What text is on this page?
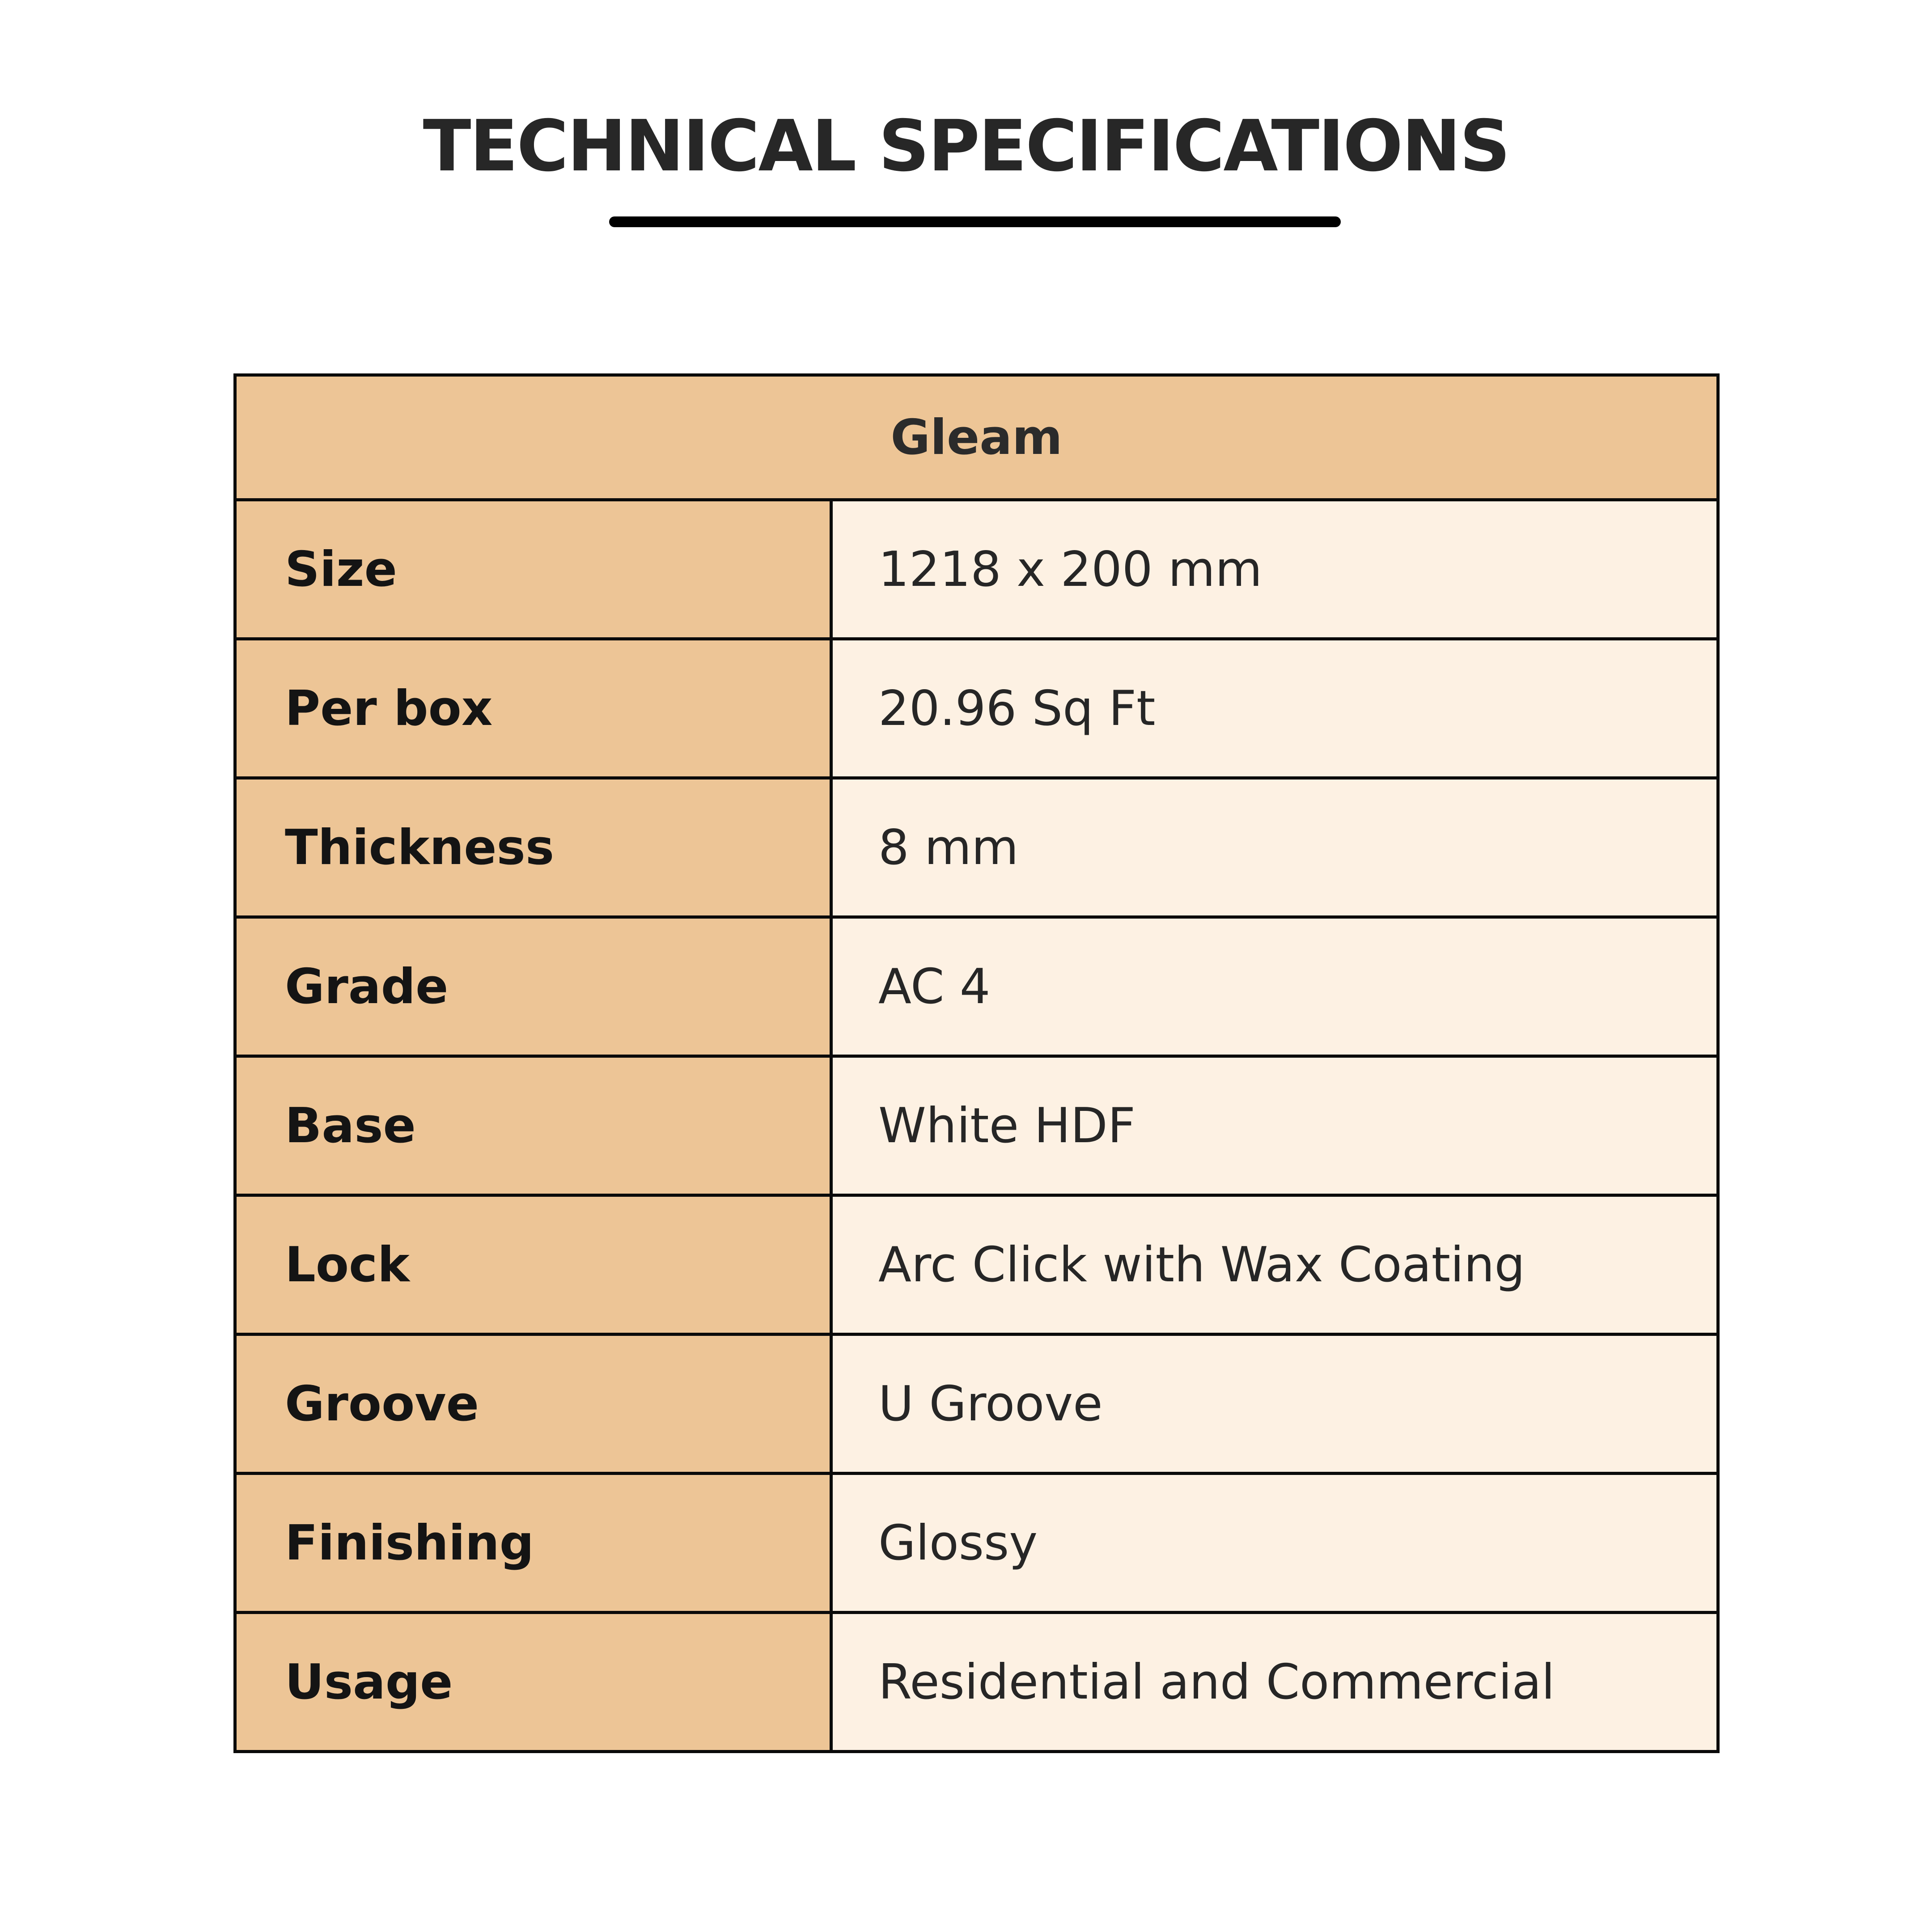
TECHNICAL SPECIFICATIONS
Gleam	
Size	1218 x 200 mm
Per box	20.96 Sq Ft
Thickness	8 mm
Grade	AC 4
Base	White HDF
Lock	Arc Click with Wax Coating
Groove	U Groove
Finishing	Glossy
Usage	Residential and Commercial
